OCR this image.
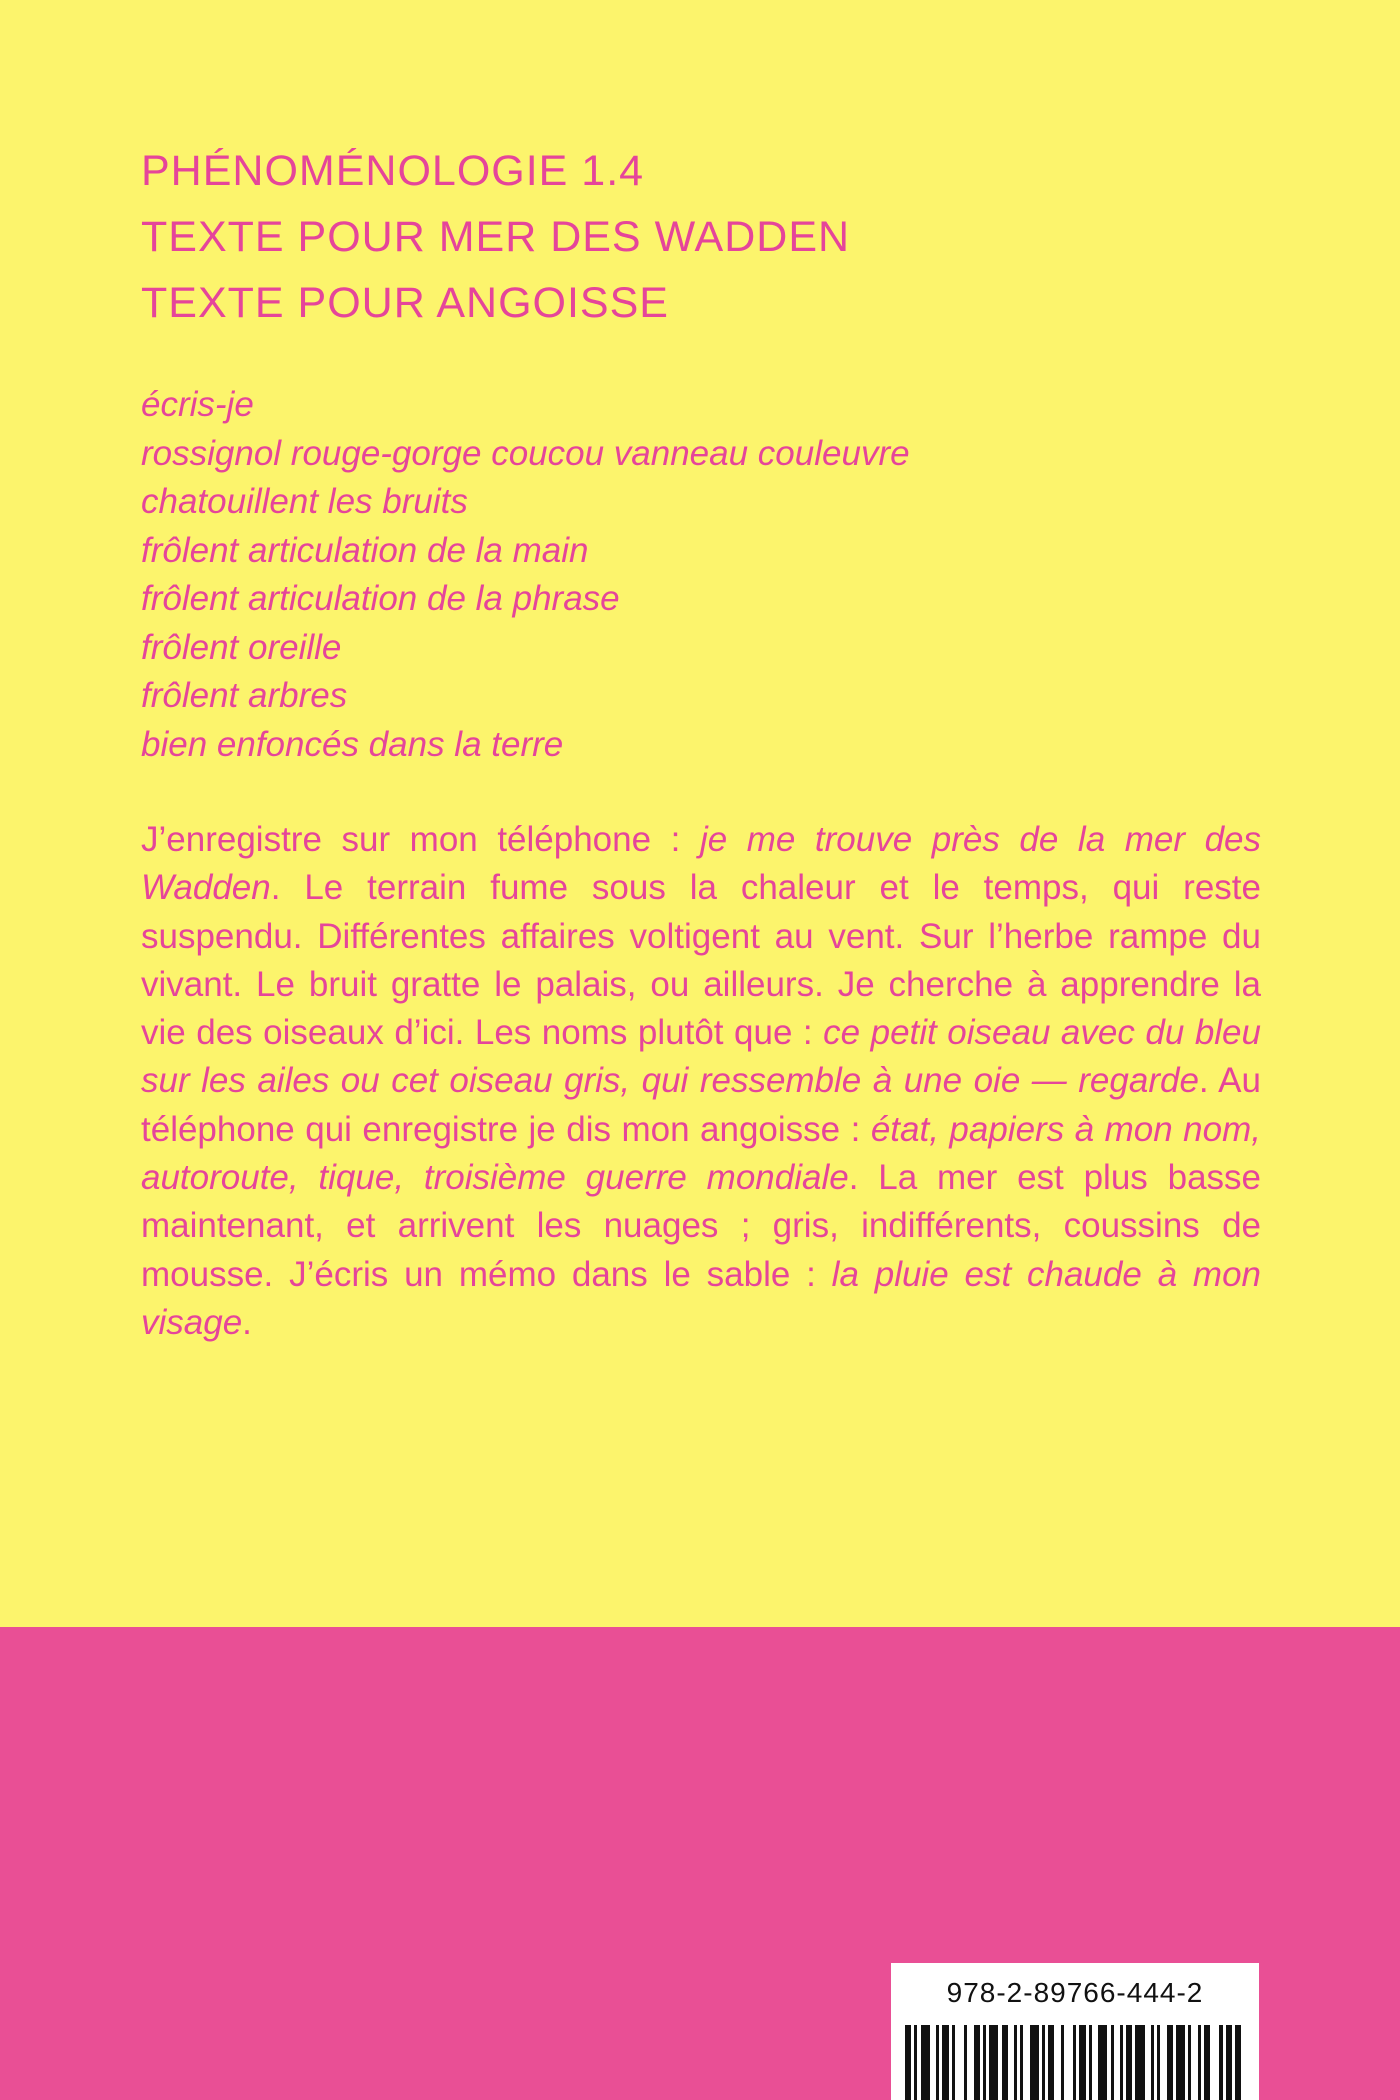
PHÉNOMÉNOLOGIE 1.4
TEXTE POUR MER DES WADDEN
TEXTE POUR ANGOISSE
écris-je
rossignol rouge-gorge coucou vanneau couleuvre
chatouillent les bruits
frôlent articulation de la main
frôlent articulation de la phrase
frôlent oreille
frôlent arbres
bien enfoncés dans la terre
J’enregistre sur mon téléphone : je me trouve près de la mer des Wadden. Le terrain fume sous la chaleur et le temps, qui reste suspendu. Différentes affaires voltigent au vent. Sur l’herbe rampe du vivant. Le bruit gratte le palais, ou ailleurs. Je cherche à apprendre la vie des oiseaux d’ici. Les noms plutôt que : ce petit oiseau avec du bleu sur les ailes ou cet oiseau gris, qui ressemble à une oie — regarde. Au téléphone qui enregistre je dis mon angoisse : état, papiers à mon nom, autoroute, tique, troisième guerre mondiale. La mer est plus basse maintenant, et arrivent les nuages ; gris, indifférents, coussins de mousse. J’écris un mémo dans le sable : la pluie est chaude à mon visage.
978-2-89766-444-2
